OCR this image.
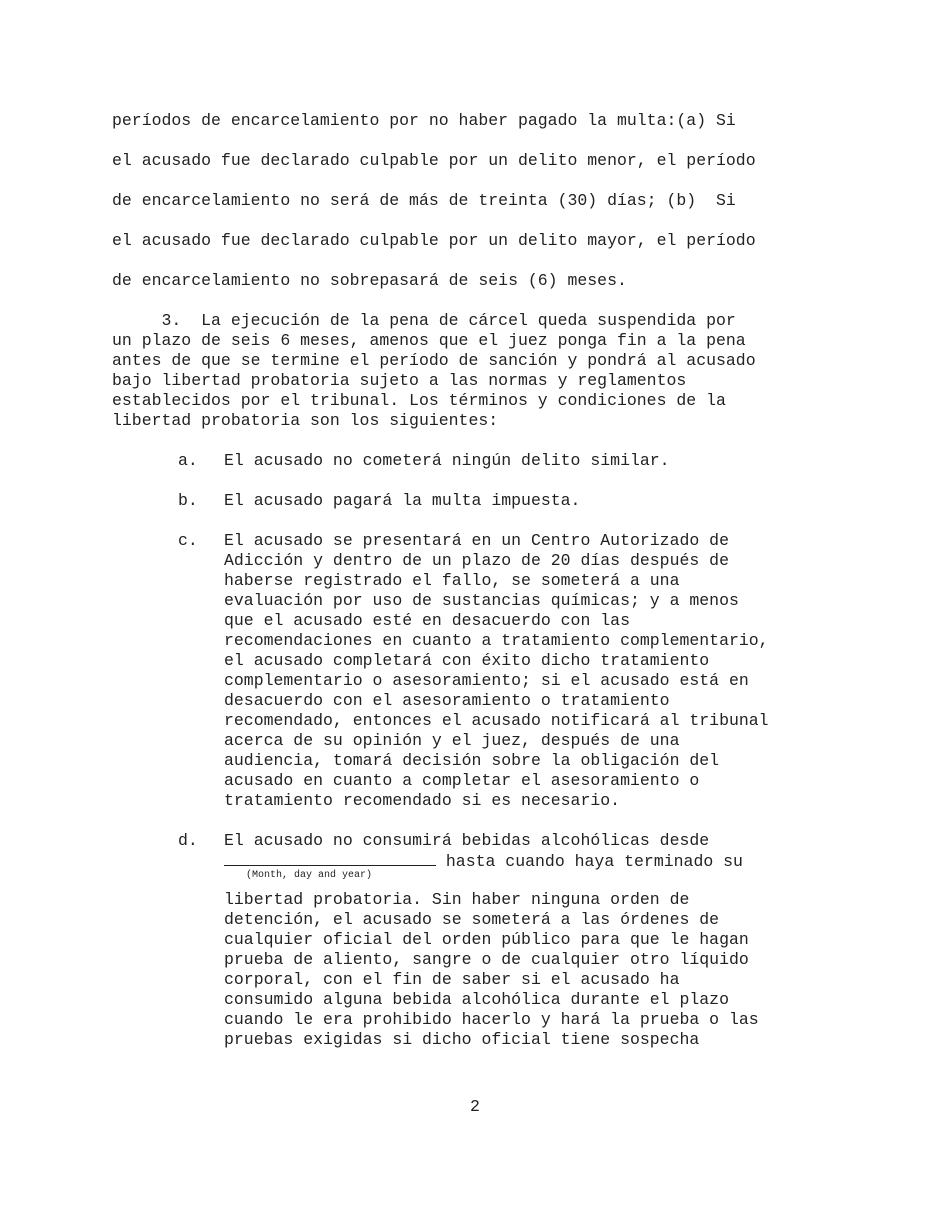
períodos de encarcelamiento por no haber pagado la multa:(a) Si

el acusado fue declarado culpable por un delito menor, el período

de encarcelamiento no será de más de treinta (30) días; (b)  Si

el acusado fue declarado culpable por un delito mayor, el período

de encarcelamiento no sobrepasará de seis (6) meses.

3.  La ejecución de la pena de cárcel queda suspendida por

un plazo de seis 6 meses, amenos que el juez ponga fin a la pena

antes de que se termine el período de sanción y pondrá al acusado

bajo libertad probatoria sujeto a las normas y reglamentos

establecidos por el tribunal. Los términos y condiciones de la

libertad probatoria son los siguientes:

a. El acusado no cometerá ningún delito similar.
b. El acusado pagará la multa impuesta.
c. El acusado se presentará en un Centro Autorizado de
Adicción y dentro de un plazo de 20 días después de
haberse registrado el fallo, se someterá a una
evaluación por uso de sustancias químicas; y a menos
que el acusado esté en desacuerdo con las
recomendaciones en cuanto a tratamiento complementario,
el acusado completará con éxito dicho tratamiento
complementario o asesoramiento; si el acusado está en
desacuerdo con el asesoramiento o tratamiento
recomendado, entonces el acusado notificará al tribunal
acerca de su opinión y el juez, después de una
audiencia, tomará decisión sobre la obligación del
acusado en cuanto a completar el asesoramiento o
tratamiento recomendado si es necesario.
d. El acusado no consumirá bebidas alcohólicas desde
hasta cuando haya terminado su
(Month, day and year)
libertad probatoria. Sin haber ninguna orden de
detención, el acusado se someterá a las órdenes de
cualquier oficial del orden público para que le hagan
prueba de aliento, sangre o de cualquier otro líquido
corporal, con el fin de saber si el acusado ha
consumido alguna bebida alcohólica durante el plazo
cuando le era prohibido hacerlo y hará la prueba o las
pruebas exigidas si dicho oficial tiene sospecha
2
